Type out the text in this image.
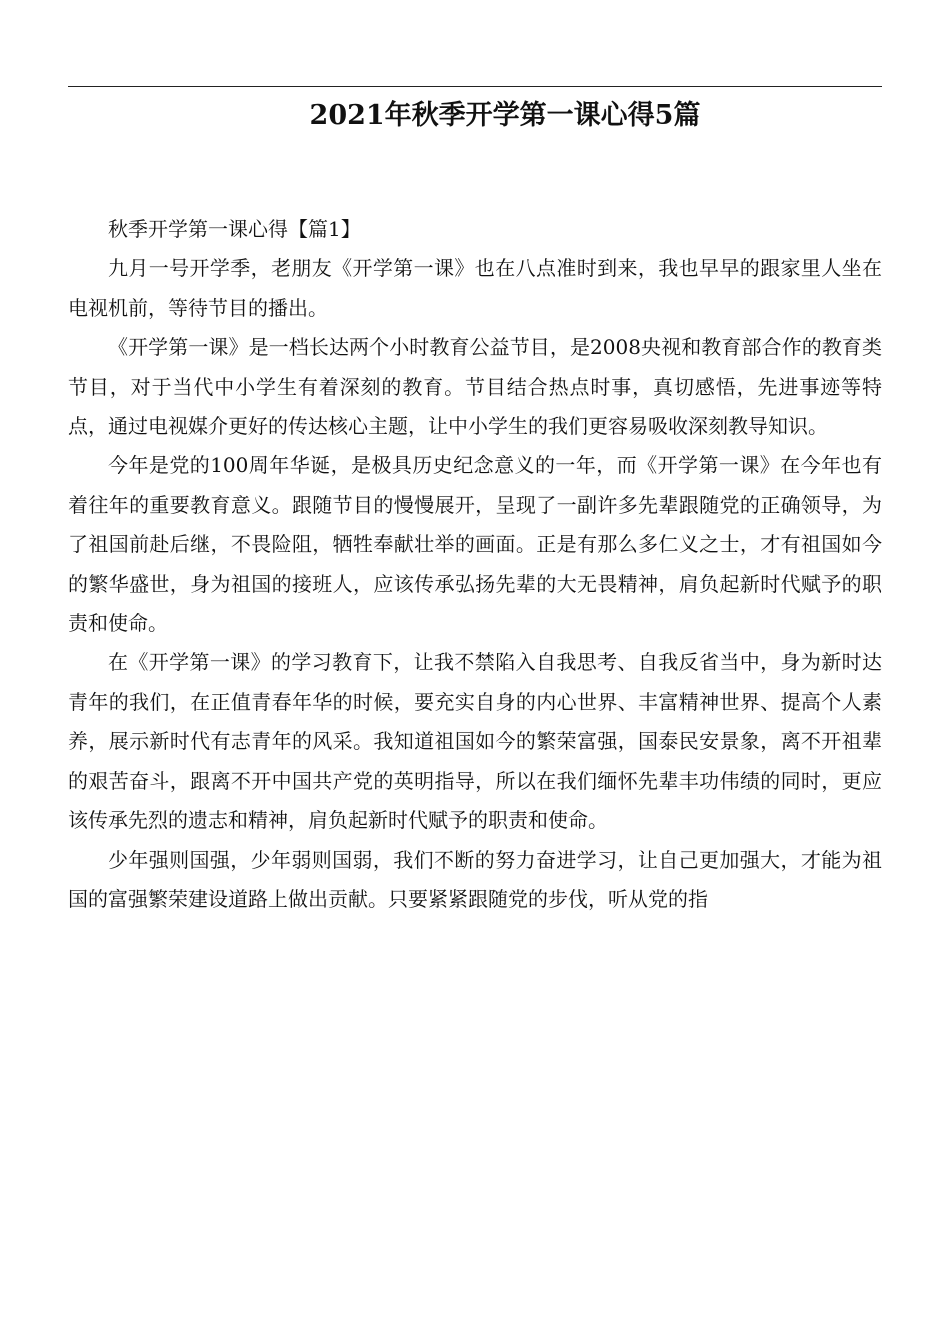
2021年秋季开学第一课心得5篇

秋季开学第一课心得【篇1】

九月一号开学季，老朋友《开学第一课》也在八点准时到来，我也早早的跟家里人坐在电视机前，等待节目的播出。

《开学第一课》是一档长达两个小时教育公益节目，是2008央视和教育部合作的教育类节目，对于当代中小学生有着深刻的教育。节目结合热点时事，真切感悟，先进事迹等特点，通过电视媒介更好的传达核心主题，让中小学生的我们更容易吸收深刻教导知识。

今年是党的100周年华诞，是极具历史纪念意义的一年，而《开学第一课》在今年也有着往年的重要教育意义。跟随节目的慢慢展开，呈现了一副许多先辈跟随党的正确领导，为了祖国前赴后继，不畏险阻，牺牲奉献壮举的画面。正是有那么多仁义之士，才有祖国如今的繁华盛世，身为祖国的接班人，应该传承弘扬先辈的大无畏精神，肩负起新时代赋予的职责和使命。

在《开学第一课》的学习教育下，让我不禁陷入自我思考、自我反省当中，身为新时达青年的我们，在正值青春年华的时候，要充实自身的内心世界、丰富精神世界、提高个人素养，展示新时代有志青年的风采。我知道祖国如今的繁荣富强，国泰民安景象，离不开祖辈的艰苦奋斗，跟离不开中国共产党的英明指导，所以在我们缅怀先辈丰功伟绩的同时，更应该传承先烈的遗志和精神，肩负起新时代赋予的职责和使命。

少年强则国强，少年弱则国弱，我们不断的努力奋进学习，让自己更加强大，才能为祖国的富强繁荣建设道路上做出贡献。只要紧紧跟随党的步伐，听从党的指
